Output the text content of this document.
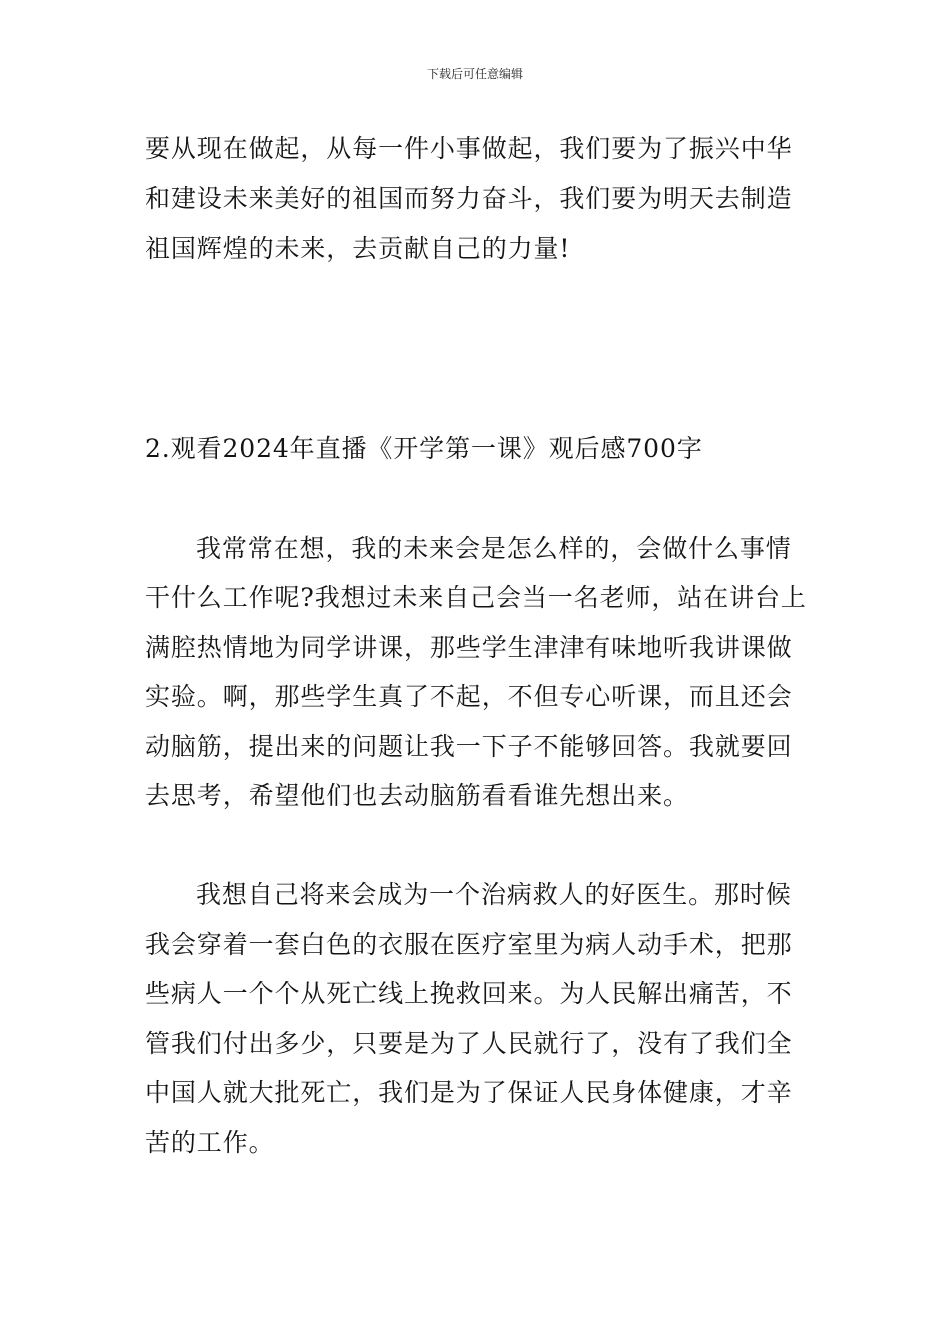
下载后可任意编辑
要从现在做起，从每一件小事做起，我们要为了振兴中华
和建设未来美好的祖国而努力奋斗，我们要为明天去制造
祖国辉煌的未来，去贡献自己的力量!
2.观看2024年直播《开学第一课》观后感700字
我常常在想，我的未来会是怎么样的，会做什么事情
干什么工作呢?我想过未来自己会当一名老师，站在讲台上
满腔热情地为同学讲课，那些学生津津有味地听我讲课做
实验。啊，那些学生真了不起，不但专心听课，而且还会
动脑筋，提出来的问题让我一下子不能够回答。我就要回
去思考，希望他们也去动脑筋看看谁先想出来。
我想自己将来会成为一个治病救人的好医生。那时候
我会穿着一套白色的衣服在医疗室里为病人动手术，把那
些病人一个个从死亡线上挽救回来。为人民解出痛苦，不
管我们付出多少，只要是为了人民就行了，没有了我们全
中国人就大批死亡，我们是为了保证人民身体健康，才辛
苦的工作。
